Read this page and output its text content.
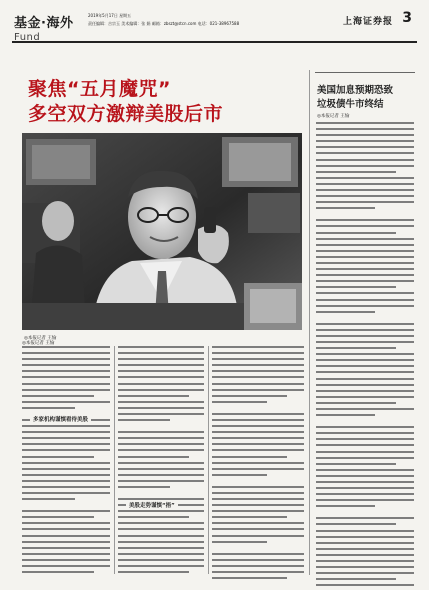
基金·海外
Fund
2019年5月17日 星期五
责任编辑：吉宗玉 美术编辑：张 娟 邮箱：zbszt@stcn.com 电话：021-38967588	上海证券报 3
聚焦“五月魔咒”
多空双方激辩美股后市
美国加息预期恐致
垃圾债牛市终结
◎本报记者 王愉
◎本报记者 王愉
◎本报记者 王愉
多家机构谨慎看待美股
美股走势谨慎“捂”
